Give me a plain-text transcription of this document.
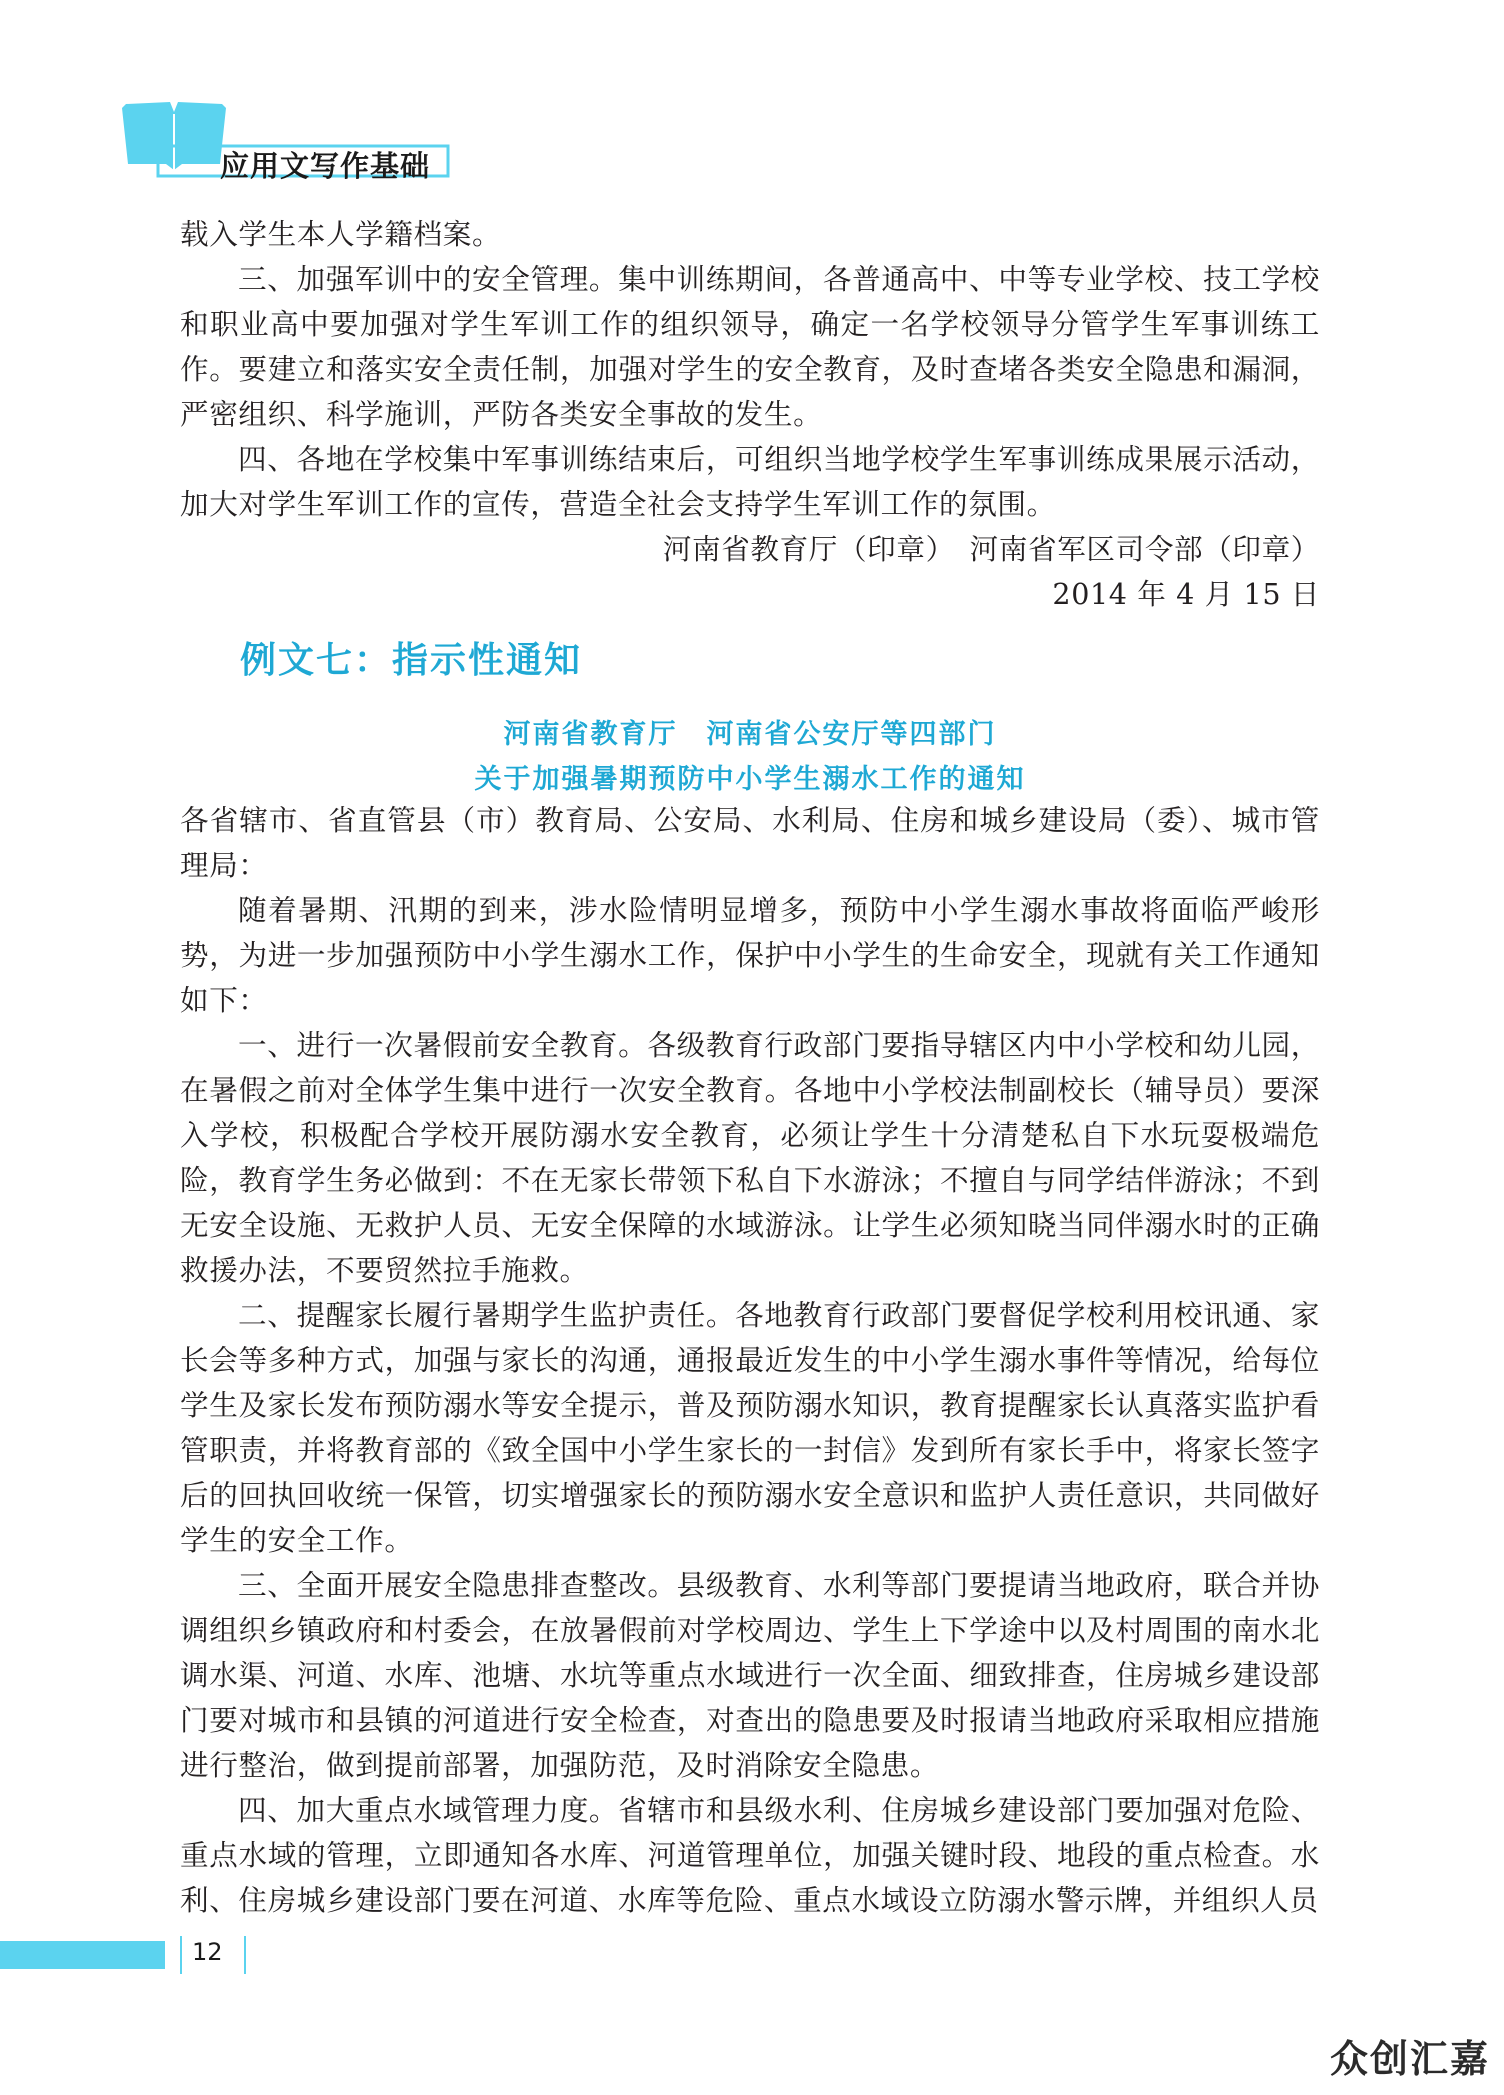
应用文写作基础
载入学生本人学籍档案。
三、加强军训中的安全管理。集中训练期间，各普通高中、中等专业学校、技工学校和职业高中要加强对学生军训工作的组织领导，确定一名学校领导分管学生军事训练工作。要建立和落实安全责任制，加强对学生的安全教育，及时查堵各类安全隐患和漏洞，严密组织、科学施训，严防各类安全事故的发生。
四、各地在学校集中军事训练结束后，可组织当地学校学生军事训练成果展示活动，加大对学生军训工作的宣传，营造全社会支持学生军训工作的氛围。
河南省教育厅（印章）　河南省军区司令部（印章）
2014 年 4 月 15 日
例文七：指示性通知
河南省教育厅　河南省公安厅等四部门
关于加强暑期预防中小学生溺水工作的通知
各省辖市、省直管县（市）教育局、公安局、水利局、住房和城乡建设局（委）、城市管理局：
随着暑期、汛期的到来，涉水险情明显增多，预防中小学生溺水事故将面临严峻形势，为进一步加强预防中小学生溺水工作，保护中小学生的生命安全，现就有关工作通知如下：
一、进行一次暑假前安全教育。各级教育行政部门要指导辖区内中小学校和幼儿园，在暑假之前对全体学生集中进行一次安全教育。各地中小学校法制副校长（辅导员）要深入学校，积极配合学校开展防溺水安全教育，必须让学生十分清楚私自下水玩耍极端危险，教育学生务必做到：不在无家长带领下私自下水游泳；不擅自与同学结伴游泳；不到无安全设施、无救护人员、无安全保障的水域游泳。让学生必须知晓当同伴溺水时的正确救援办法，不要贸然拉手施救。
二、提醒家长履行暑期学生监护责任。各地教育行政部门要督促学校利用校讯通、家长会等多种方式，加强与家长的沟通，通报最近发生的中小学生溺水事件等情况，给每位学生及家长发布预防溺水等安全提示，普及预防溺水知识，教育提醒家长认真落实监护看管职责，并将教育部的《致全国中小学生家长的一封信》发到所有家长手中，将家长签字后的回执回收统一保管，切实增强家长的预防溺水安全意识和监护人责任意识，共同做好学生的安全工作。
三、全面开展安全隐患排查整改。县级教育、水利等部门要提请当地政府，联合并协调组织乡镇政府和村委会，在放暑假前对学校周边、学生上下学途中以及村周围的南水北调水渠、河道、水库、池塘、水坑等重点水域进行一次全面、细致排查，住房城乡建设部门要对城市和县镇的河道进行安全检查，对查出的隐患要及时报请当地政府采取相应措施进行整治，做到提前部署，加强防范，及时消除安全隐患。
四、加大重点水域管理力度。省辖市和县级水利、住房城乡建设部门要加强对危险、重点水域的管理，立即通知各水库、河道管理单位，加强关键时段、地段的重点检查。水利、住房城乡建设部门要在河道、水库等危险、重点水域设立防溺水警示牌，并组织人员
12
众创汇嘉
